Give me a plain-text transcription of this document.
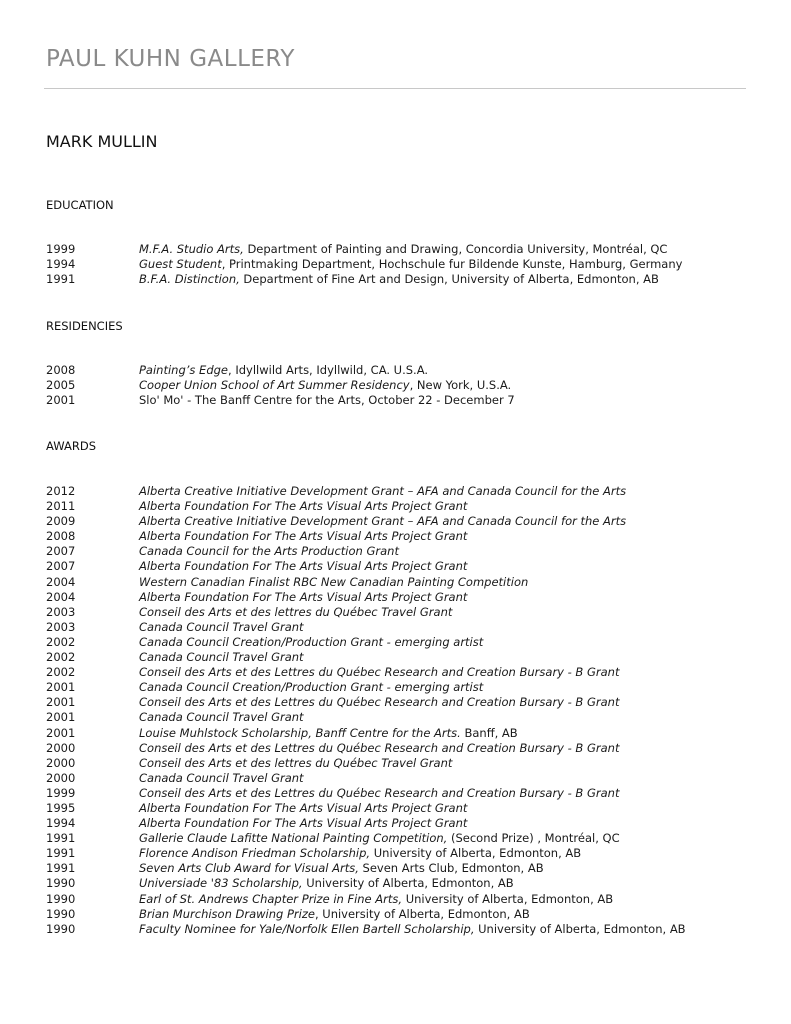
PAUL KUHN GALLERY
MARK MULLIN
EDUCATION
1999	M.F.A. Studio Arts, Department of Painting and Drawing, Concordia University, Montréal, QC
1994	Guest Student, Printmaking Department, Hochschule fur Bildende Kunste, Hamburg, Germany
1991	B.F.A. Distinction, Department of Fine Art and Design, University of Alberta, Edmonton, AB
RESIDENCIES
2008	Painting’s Edge, Idyllwild Arts, Idyllwild, CA. U.S.A.
2005	Cooper Union School of Art Summer Residency, New York, U.S.A.
2001	Slo' Mo' - The Banff Centre for the Arts, October 22 - December 7
AWARDS
2012	Alberta Creative Initiative Development Grant – AFA and Canada Council for the Arts
2011	Alberta Foundation For The Arts Visual Arts Project Grant
2009	Alberta Creative Initiative Development Grant – AFA and Canada Council for the Arts
2008	Alberta Foundation For The Arts Visual Arts Project Grant
2007	Canada Council for the Arts Production Grant
2007	Alberta Foundation For The Arts Visual Arts Project Grant
2004	Western Canadian Finalist RBC New Canadian Painting Competition
2004	Alberta Foundation For The Arts Visual Arts Project Grant
2003	Conseil des Arts et des lettres du Québec Travel Grant
2003	Canada Council Travel Grant
2002	Canada Council Creation/Production Grant - emerging artist
2002	Canada Council Travel Grant
2002	Conseil des Arts et des Lettres du Québec Research and Creation Bursary - B Grant
2001	Canada Council Creation/Production Grant - emerging artist
2001	Conseil des Arts et des Lettres du Québec Research and Creation Bursary - B Grant
2001	Canada Council Travel Grant
2001	Louise Muhlstock Scholarship, Banff Centre for the Arts. Banff, AB
2000	Conseil des Arts et des Lettres du Québec Research and Creation Bursary - B Grant
2000	Conseil des Arts et des lettres du Québec Travel Grant
2000	Canada Council Travel Grant
1999	Conseil des Arts et des Lettres du Québec Research and Creation Bursary - B Grant
1995	Alberta Foundation For The Arts Visual Arts Project Grant
1994	Alberta Foundation For The Arts Visual Arts Project Grant
1991	Gallerie Claude Lafitte National Painting Competition, (Second Prize) , Montréal, QC
1991	Florence Andison Friedman Scholarship, University of Alberta, Edmonton, AB
1991	Seven Arts Club Award for Visual Arts, Seven Arts Club, Edmonton, AB
1990	Universiade '83 Scholarship, University of Alberta, Edmonton, AB
1990	Earl of St. Andrews Chapter Prize in Fine Arts, University of Alberta, Edmonton, AB
1990	Brian Murchison Drawing Prize, University of Alberta, Edmonton, AB
1990	Faculty Nominee for Yale/Norfolk Ellen Bartell Scholarship, University of Alberta, Edmonton, AB
